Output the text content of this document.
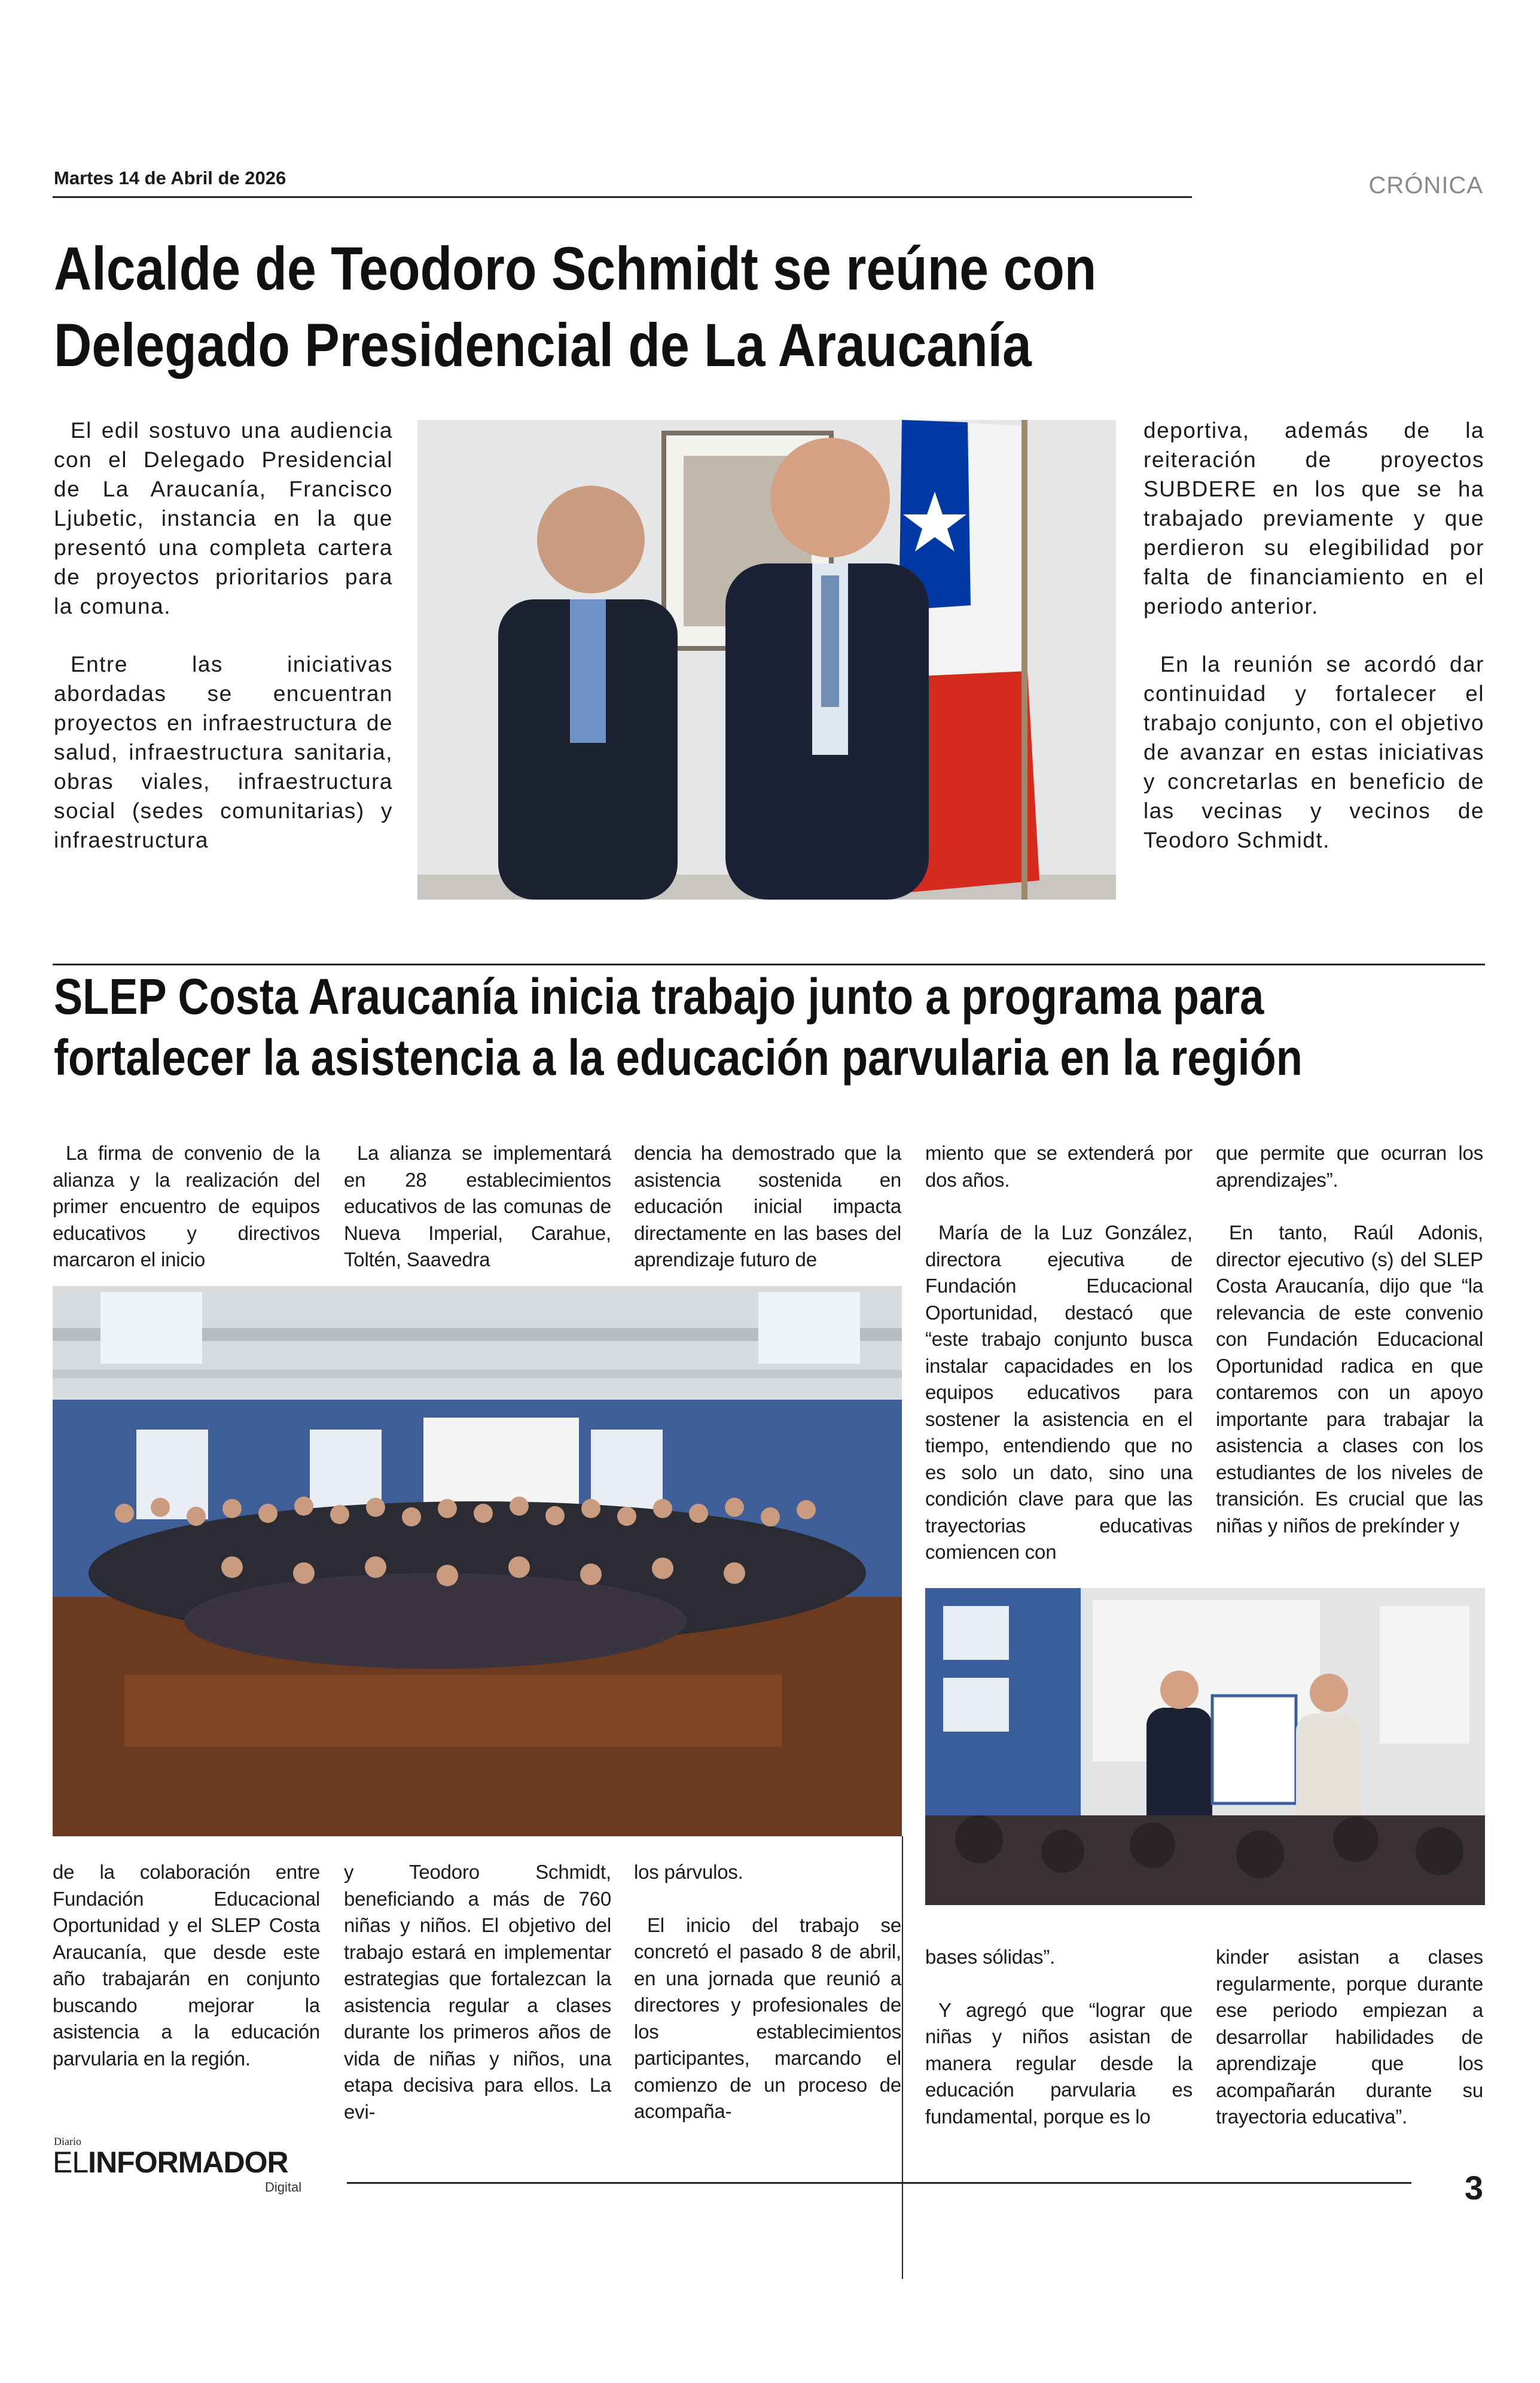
Martes 14 de Abril de 2026	CRÓNICA
Alcalde de Teodoro Schmidt se reúne con
Delegado Presidencial de La Araucanía

El edil sostuvo una audiencia con el Delegado Presidencial de La Araucanía, Francisco Ljubetic, instancia en la que presentó una completa cartera de proyectos prioritarios para la comuna.

Entre las iniciativas abordadas se encuentran proyectos en infraestructura de salud, infraestructura sanitaria, obras viales, infraestructura social (sedes comunitarias) y infraestructura

deportiva, además de la reiteración de proyectos SUBDERE en los que se ha trabajado previamente y que perdieron su elegibilidad por falta de financiamiento en el periodo anterior.

En la reunión se acordó dar continuidad y fortalecer el trabajo conjunto, con el objetivo de avanzar en estas iniciativas y concretarlas en beneficio de las vecinas y vecinos de Teodoro Schmidt.

SLEP Costa Araucanía inicia trabajo junto a programa para
fortalecer la asistencia a la educación parvularia en la región

La firma de convenio de la alianza y la realización del primer encuentro de equipos educativos y directivos marcaron el inicio

La alianza se implementará en 28 establecimientos educativos de las comunas de Nueva Imperial, Carahue, Toltén, Saavedra

dencia ha demostrado que la asistencia sostenida en educación inicial impacta directamente en las bases del aprendizaje futuro de

miento que se extenderá por dos años.

María de la Luz González, directora ejecutiva de Fundación Educacional Oportunidad, destacó que “este trabajo conjunto busca instalar capacidades en los equipos educativos para sostener la asistencia en el tiempo, entendiendo que no es solo un dato, sino una condición clave para que las trayectorias educativas comiencen con

que permite que ocurran los aprendizajes”.

En tanto, Raúl Adonis, director ejecutivo (s) del SLEP Costa Araucanía, dijo que “la relevancia de este convenio con Fundación Educacional Oportunidad radica en que contaremos con un apoyo importante para trabajar la asistencia a clases con los estudiantes de los niveles de transición. Es crucial que las niñas y niños de prekínder y

de la colaboración entre Fundación Educacional Oportunidad y el SLEP Costa Araucanía, que desde este año trabajarán en conjunto buscando mejorar la asistencia a la educación parvularia en la región.

y Teodoro Schmidt, beneficiando a más de 760 niñas y niños. El objetivo del trabajo estará en implementar estrategias que fortalezcan la asistencia regular a clases durante los primeros años de vida de niñas y niños, una etapa decisiva para ellos. La evi-

los párvulos.

El inicio del trabajo se concretó el pasado 8 de abril, en una jornada que reunió a directores y profesionales de los establecimientos participantes, marcando el comienzo de un proceso de acompaña-

bases sólidas”.

Y agregó que “lograr que niñas y niños asistan de manera regular desde la educación parvularia es fundamental, porque es lo

kinder asistan a clases regularmente, porque durante ese periodo empiezan a desarrollar habilidades de aprendizaje que los acompañarán durante su trayectoria educativa”.

Diario
ELINFORMADOR
Digital	3
